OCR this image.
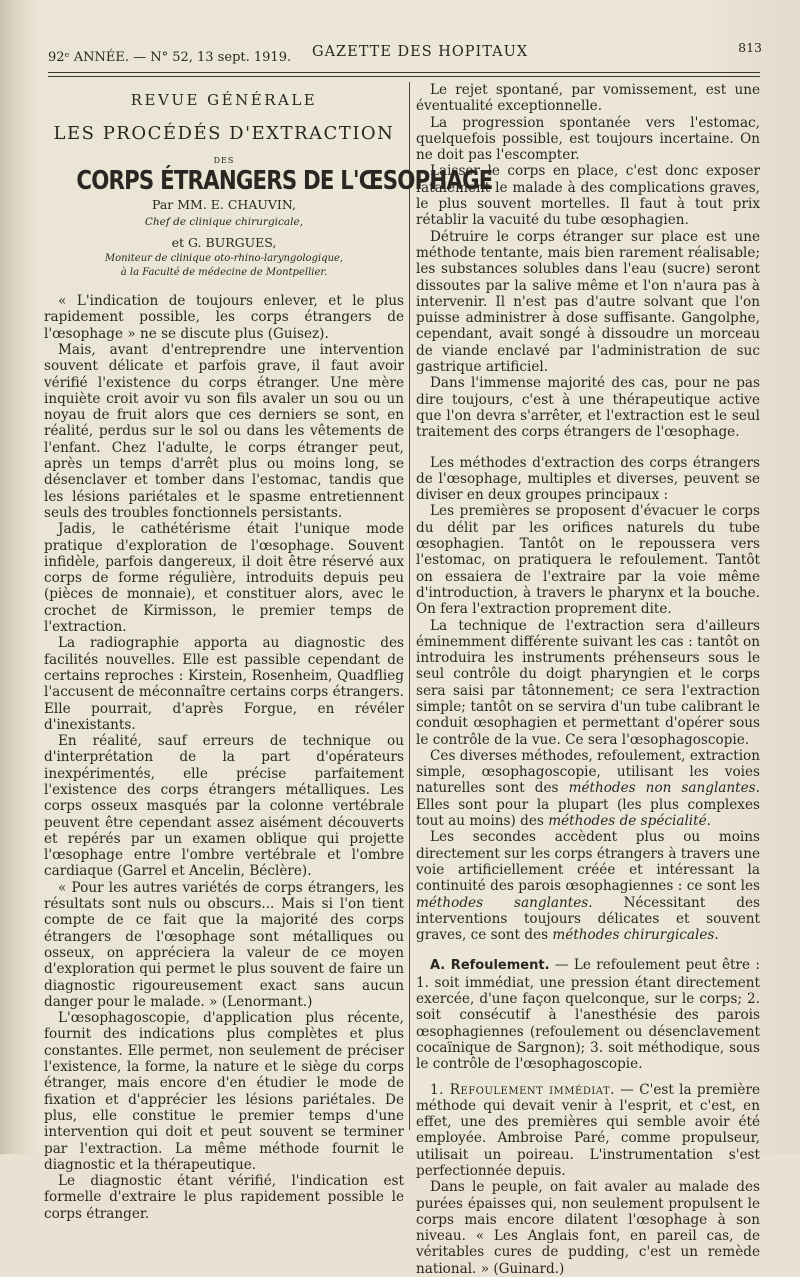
92ᵉ ANNÉE. — N° 52, 13 sept. 1919. GAZETTE DES HOPITAUX	813
REVUE GÉNÉRALE
LES PROCÉDÉS D'EXTRACTION
DES
CORPS ÉTRANGERS DE L'ŒSOPHAGE
Par MM. E. CHAUVIN,
Chef de clinique chirurgicale,
et G. BURGUES,
Moniteur de clinique oto-rhino-laryngologique,
à la Faculté de médecine de Montpellier.

« L'indication de toujours enlever, et le plus rapidement possible, les corps étrangers de l'œsophage » ne se discute plus (Guisez).

Mais, avant d'entreprendre une intervention souvent délicate et parfois grave, il faut avoir vérifié l'existence du corps étranger. Une mère inquiète croit avoir vu son fils avaler un sou ou un noyau de fruit alors que ces derniers se sont, en réalité, perdus sur le sol ou dans les vêtements de l'enfant. Chez l'adulte, le corps étranger peut, après un temps d'arrêt plus ou moins long, se désenclaver et tomber dans l'estomac, tandis que les lésions pariétales et le spasme entretiennent seuls des troubles fonctionnels persistants.

Jadis, le cathétérisme était l'unique mode pratique d'exploration de l'œsophage. Souvent infidèle, parfois dangereux, il doit être réservé aux corps de forme régulière, introduits depuis peu (pièces de monnaie), et constituer alors, avec le crochet de Kirmisson, le premier temps de l'extraction.

La radiographie apporta au diagnostic des facilités nouvelles. Elle est passible cependant de certains reproches : Kirstein, Rosenheim, Quadflieg l'accusent de méconnaître certains corps étrangers. Elle pourrait, d'après Forgue, en révéler d'inexistants.

En réalité, sauf erreurs de technique ou d'interprétation de la part d'opérateurs inexpérimentés, elle précise parfaitement l'existence des corps étrangers métalliques. Les corps osseux masqués par la colonne vertébrale peuvent être cependant assez aisément découverts et repérés par un examen oblique qui projette l'œsophage entre l'ombre vertébrale et l'ombre cardiaque (Garrel et Ancelin, Béclère).

« Pour les autres variétés de corps étrangers, les résultats sont nuls ou obscurs... Mais si l'on tient compte de ce fait que la majorité des corps étrangers de l'œsophage sont métalliques ou osseux, on appréciera la valeur de ce moyen d'exploration qui permet le plus souvent de faire un diagnostic rigoureusement exact sans aucun danger pour le malade. » (Lenormant.)

L'œsophagoscopie, d'application plus récente, fournit des indications plus complètes et plus constantes. Elle permet, non seulement de préciser l'existence, la forme, la nature et le siège du corps étranger, mais encore d'en étudier le mode de fixation et d'apprécier les lésions pariétales. De plus, elle constitue le premier temps d'une intervention qui doit et peut souvent se terminer par l'extraction. La même méthode fournit le diagnostic et la thérapeutique.

Le diagnostic étant vérifié, l'indication est formelle d'extraire le plus rapidement possible le corps étranger.

Le rejet spontané, par vomissement, est une éventualité exceptionnelle.

La progression spontanée vers l'estomac, quelquefois possible, est toujours incertaine. On ne doit pas l'escompter.

Laisser le corps en place, c'est donc exposer fatalement le malade à des complications graves, le plus souvent mortelles. Il faut à tout prix rétablir la vacuité du tube œsophagien.

Détruire le corps étranger sur place est une méthode tentante, mais bien rarement réalisable; les substances solubles dans l'eau (sucre) seront dissoutes par la salive même et l'on n'aura pas à intervenir. Il n'est pas d'autre solvant que l'on puisse administrer à dose suffisante. Gangolphe, cependant, avait songé à dissoudre un morceau de viande enclavé par l'administration de suc gastrique artificiel.

Dans l'immense majorité des cas, pour ne pas dire toujours, c'est à une thérapeutique active que l'on devra s'arrêter, et l'extraction est le seul traitement des corps étrangers de l'œsophage.

Les méthodes d'extraction des corps étrangers de l'œsophage, multiples et diverses, peuvent se diviser en deux groupes principaux :

Les premières se proposent d'évacuer le corps du délit par les orifices naturels du tube œsophagien. Tantôt on le repoussera vers l'estomac, on pratiquera le refoulement. Tantôt on essaiera de l'extraire par la voie même d'introduction, à travers le pharynx et la bouche. On fera l'extraction proprement dite.

La technique de l'extraction sera d'ailleurs éminemment différente suivant les cas : tantôt on introduira les instruments préhenseurs sous le seul contrôle du doigt pharyngien et le corps sera saisi par tâtonnement; ce sera l'extraction simple; tantôt on se servira d'un tube calibrant le conduit œsophagien et permettant d'opérer sous le contrôle de la vue. Ce sera l'œsophagoscopie.

Ces diverses méthodes, refoulement, extraction simple, œsophagoscopie, utilisant les voies naturelles sont des méthodes non sanglantes. Elles sont pour la plupart (les plus complexes tout au moins) des méthodes de spécialité.

Les secondes accèdent plus ou moins directement sur les corps étrangers à travers une voie artificiellement créée et intéressant la continuité des parois œsophagiennes : ce sont les méthodes sanglantes. Nécessitant des interventions toujours délicates et souvent graves, ce sont des méthodes chirurgicales.

A. Refoulement. — Le refoulement peut être : 1. soit immédiat, une pression étant directement exercée, d'une façon quelconque, sur le corps; 2. soit consécutif à l'anesthésie des parois œsophagiennes (refoulement ou désenclavement cocaïnique de Sargnon); 3. soit méthodique, sous le contrôle de l'œsophagoscopie.

1. Refoulement immédiat. — C'est la première méthode qui devait venir à l'esprit, et c'est, en effet, une des premières qui semble avoir été employée. Ambroise Paré, comme propulseur, utilisait un poireau. L'instrumentation s'est perfectionnée depuis.

Dans le peuple, on fait avaler au malade des purées épaisses qui, non seulement propulsent le corps mais encore dilatent l'œsophage à son niveau. « Les Anglais font, en pareil cas, de véritables cures de pudding, c'est un remède national. » (Guinard.)
